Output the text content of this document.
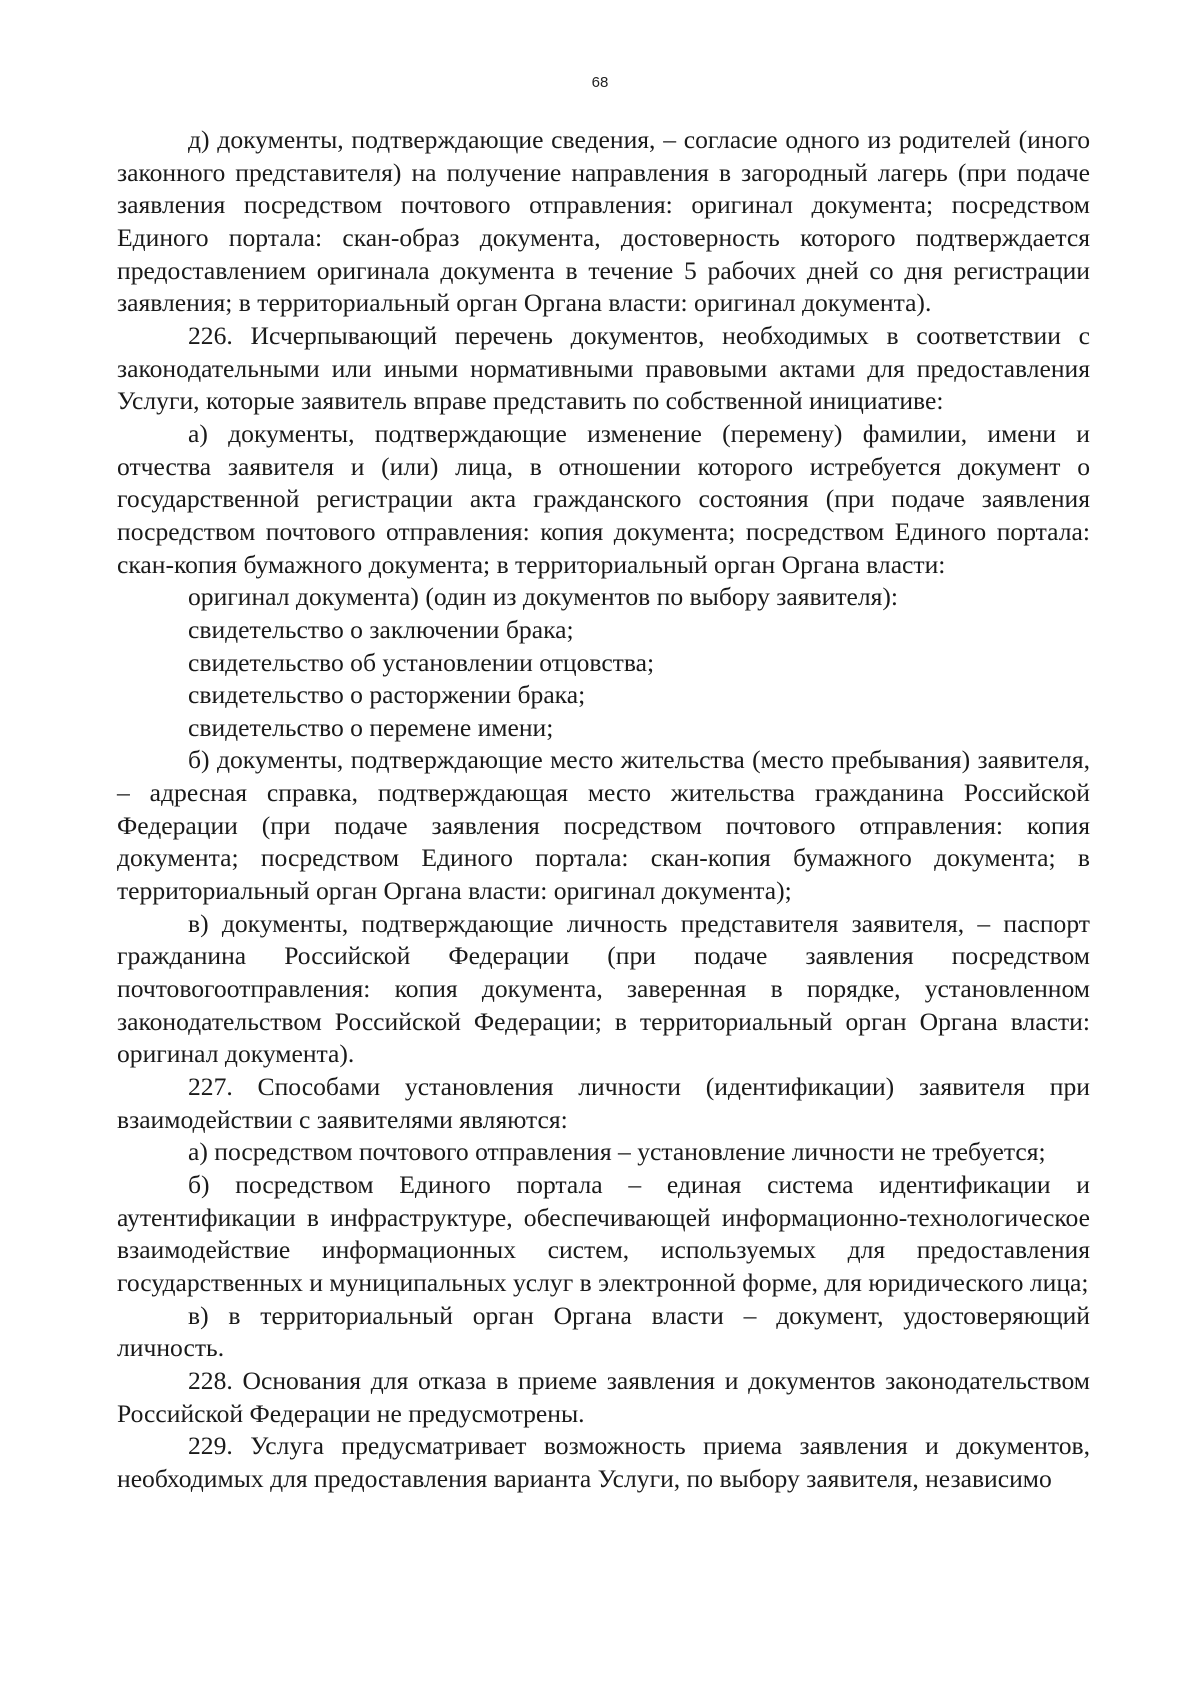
68

д) документы, подтверждающие сведения, – согласие одного из родителей (иного законного представителя) на получение направления в загородный лагерь (при подаче заявления посредством почтового отправления: оригинал документа; посредством Единого портала: скан-образ документа, достоверность которого подтверждается предоставлением оригинала документа в течение 5 рабочих дней со дня регистрации заявления; в территориальный орган Органа власти: оригинал документа).

226. Исчерпывающий перечень документов, необходимых в соответствии с законодательными или иными нормативными правовыми актами для предоставления Услуги, которые заявитель вправе представить по собственной инициативе:

а) документы, подтверждающие изменение (перемену) фамилии, имени и отчества заявителя и (или) лица, в отношении которого истребуется документ о государственной регистрации акта гражданского состояния (при подаче заявления посредством почтового отправления: копия документа; посредством Единого портала: скан-копия бумажного документа; в территориальный орган Органа власти:

оригинал документа) (один из документов по выбору заявителя):

свидетельство о заключении брака;

свидетельство об установлении отцовства;

свидетельство о расторжении брака;

свидетельство о перемене имени;

б) документы, подтверждающие место жительства (место пребывания) заявителя, – адресная справка, подтверждающая место жительства гражданина Российской Федерации (при подаче заявления посредством почтового отправления: копия документа; посредством Единого портала: скан-копия бумажного документа; в территориальный орган Органа власти: оригинал документа);

в) документы, подтверждающие личность представителя заявителя, – паспорт гражданина Российской Федерации (при подаче заявления посредством почтовогоотправления: копия документа, заверенная в порядке, установленном законодательством Российской Федерации; в территориальный орган Органа власти: оригинал документа).

227. Способами установления личности (идентификации) заявителя при взаимодействии с заявителями являются:

а) посредством почтового отправления – установление личности не требуется;

б) посредством Единого портала – единая система идентификации и аутентификации в инфраструктуре, обеспечивающей информационно-технологическое взаимодействие информационных систем, используемых для предоставления государственных и муниципальных услуг в электронной форме, для юридического лица;

в) в территориальный орган Органа власти – документ, удостоверяющий личность.

228. Основания для отказа в приеме заявления и документов законодательством Российской Федерации не предусмотрены.

229. Услуга предусматривает возможность приема заявления и документов, необходимых для предоставления варианта Услуги, по выбору заявителя, независимо
